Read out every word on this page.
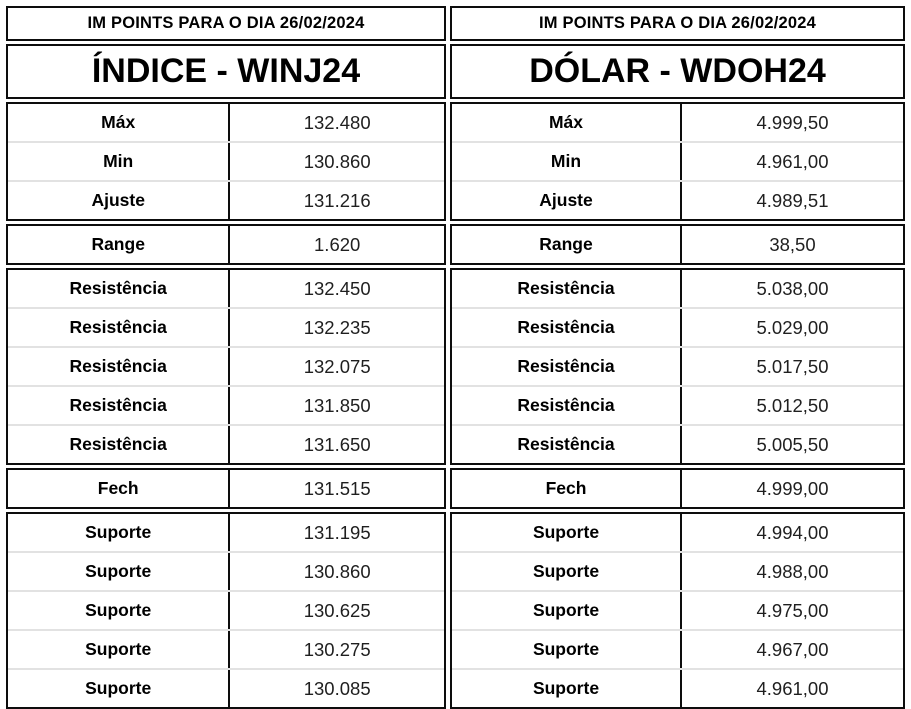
IM POINTS PARA O DIA 26/02/2024
ÍNDICE - WINJ24
Máx	132.480
Min	130.860
Ajuste	131.216
Range	1.620
Resistência	132.450
Resistência	132.235
Resistência	132.075
Resistência	131.850
Resistência	131.650
Fech	131.515
Suporte	131.195
Suporte	130.860
Suporte	130.625
Suporte	130.275
Suporte	130.085
IM POINTS PARA O DIA 26/02/2024
DÓLAR - WDOH24
Máx	4.999,50
Min	4.961,00
Ajuste	4.989,51
Range	38,50
Resistência	5.038,00
Resistência	5.029,00
Resistência	5.017,50
Resistência	5.012,50
Resistência	5.005,50
Fech	4.999,00
Suporte	4.994,00
Suporte	4.988,00
Suporte	4.975,00
Suporte	4.967,00
Suporte	4.961,00
